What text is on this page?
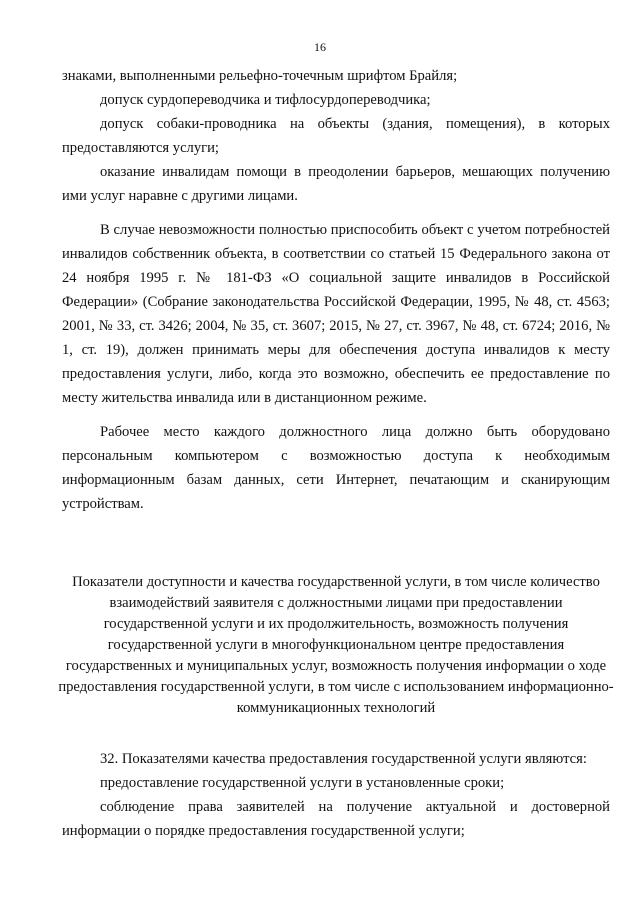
16

знаками, выполненными рельефно-точечным шрифтом Брайля;

допуск сурдопереводчика и тифлосурдопереводчика;

допуск собаки-проводника на объекты (здания, помещения), в которых предоставляются услуги;

оказание инвалидам помощи в преодолении барьеров, мешающих получению ими услуг наравне с другими лицами.

В случае невозможности полностью приспособить объект с учетом потребностей инвалидов собственник объекта, в соответствии со статьей 15 Федерального закона от 24 ноября 1995 г. № 181-ФЗ «О социальной защите инвалидов в Российской Федерации» (Собрание законодательства Российской Федерации, 1995, № 48, ст. 4563; 2001, № 33, ст. 3426; 2004, № 35, ст. 3607; 2015, № 27, ст. 3967, № 48, ст. 6724; 2016, № 1, ст. 19), должен принимать меры для обеспечения доступа инвалидов к месту предоставления услуги, либо, когда это возможно, обеспечить ее предоставление по месту жительства инвалида или в дистанционном режиме.

Рабочее место каждого должностного лица должно быть оборудовано персональным компьютером с возможностью доступа к необходимым информационным базам данных, сети Интернет, печатающим и сканирующим устройствам.

Показатели доступности и качества государственной услуги, в том числе количество взаимодействий заявителя с должностными лицами при предоставлении государственной услуги и их продолжительность, возможность получения государственной услуги в многофункциональном центре предоставления государственных и муниципальных услуг, возможность получения информации о ходе предоставления государственной услуги, в том числе с использованием информационно-коммуникационных технологий

32. Показателями качества предоставления государственной услуги являются:

предоставление государственной услуги в установленные сроки;

соблюдение права заявителей на получение актуальной и достоверной информации о порядке предоставления государственной услуги;
